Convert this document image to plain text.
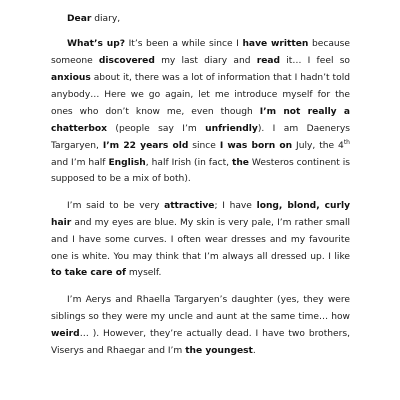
Dear diary,

What’s up? It’s been a while since I have written because someone discovered my last diary and read it… I feel so anxious about it, there was a lot of information that I hadn’t told anybody… Here we go again, let me introduce myself for the ones who don’t know me, even though I’m not really a chatterbox (people say I’m unfriendly). I am Daenerys Targaryen, I’m 22 years old since I was born on July, the 4th and I’m half English, half Irish (in fact, the Westeros continent is supposed to be a mix of both).

I’m said to be very attractive; I have long, blond, curly hair and my eyes are blue. My skin is very pale, I’m rather small and I have some curves. I often wear dresses and my favourite one is white. You may think that I’m always all dressed up. I like to take care of myself.

I’m Aerys and Rhaella Targaryen’s daughter (yes, they were siblings so they were my uncle and aunt at the same time… how weird… ). However, they’re actually dead. I have two brothers, Viserys and Rhaegar and I’m the youngest.
